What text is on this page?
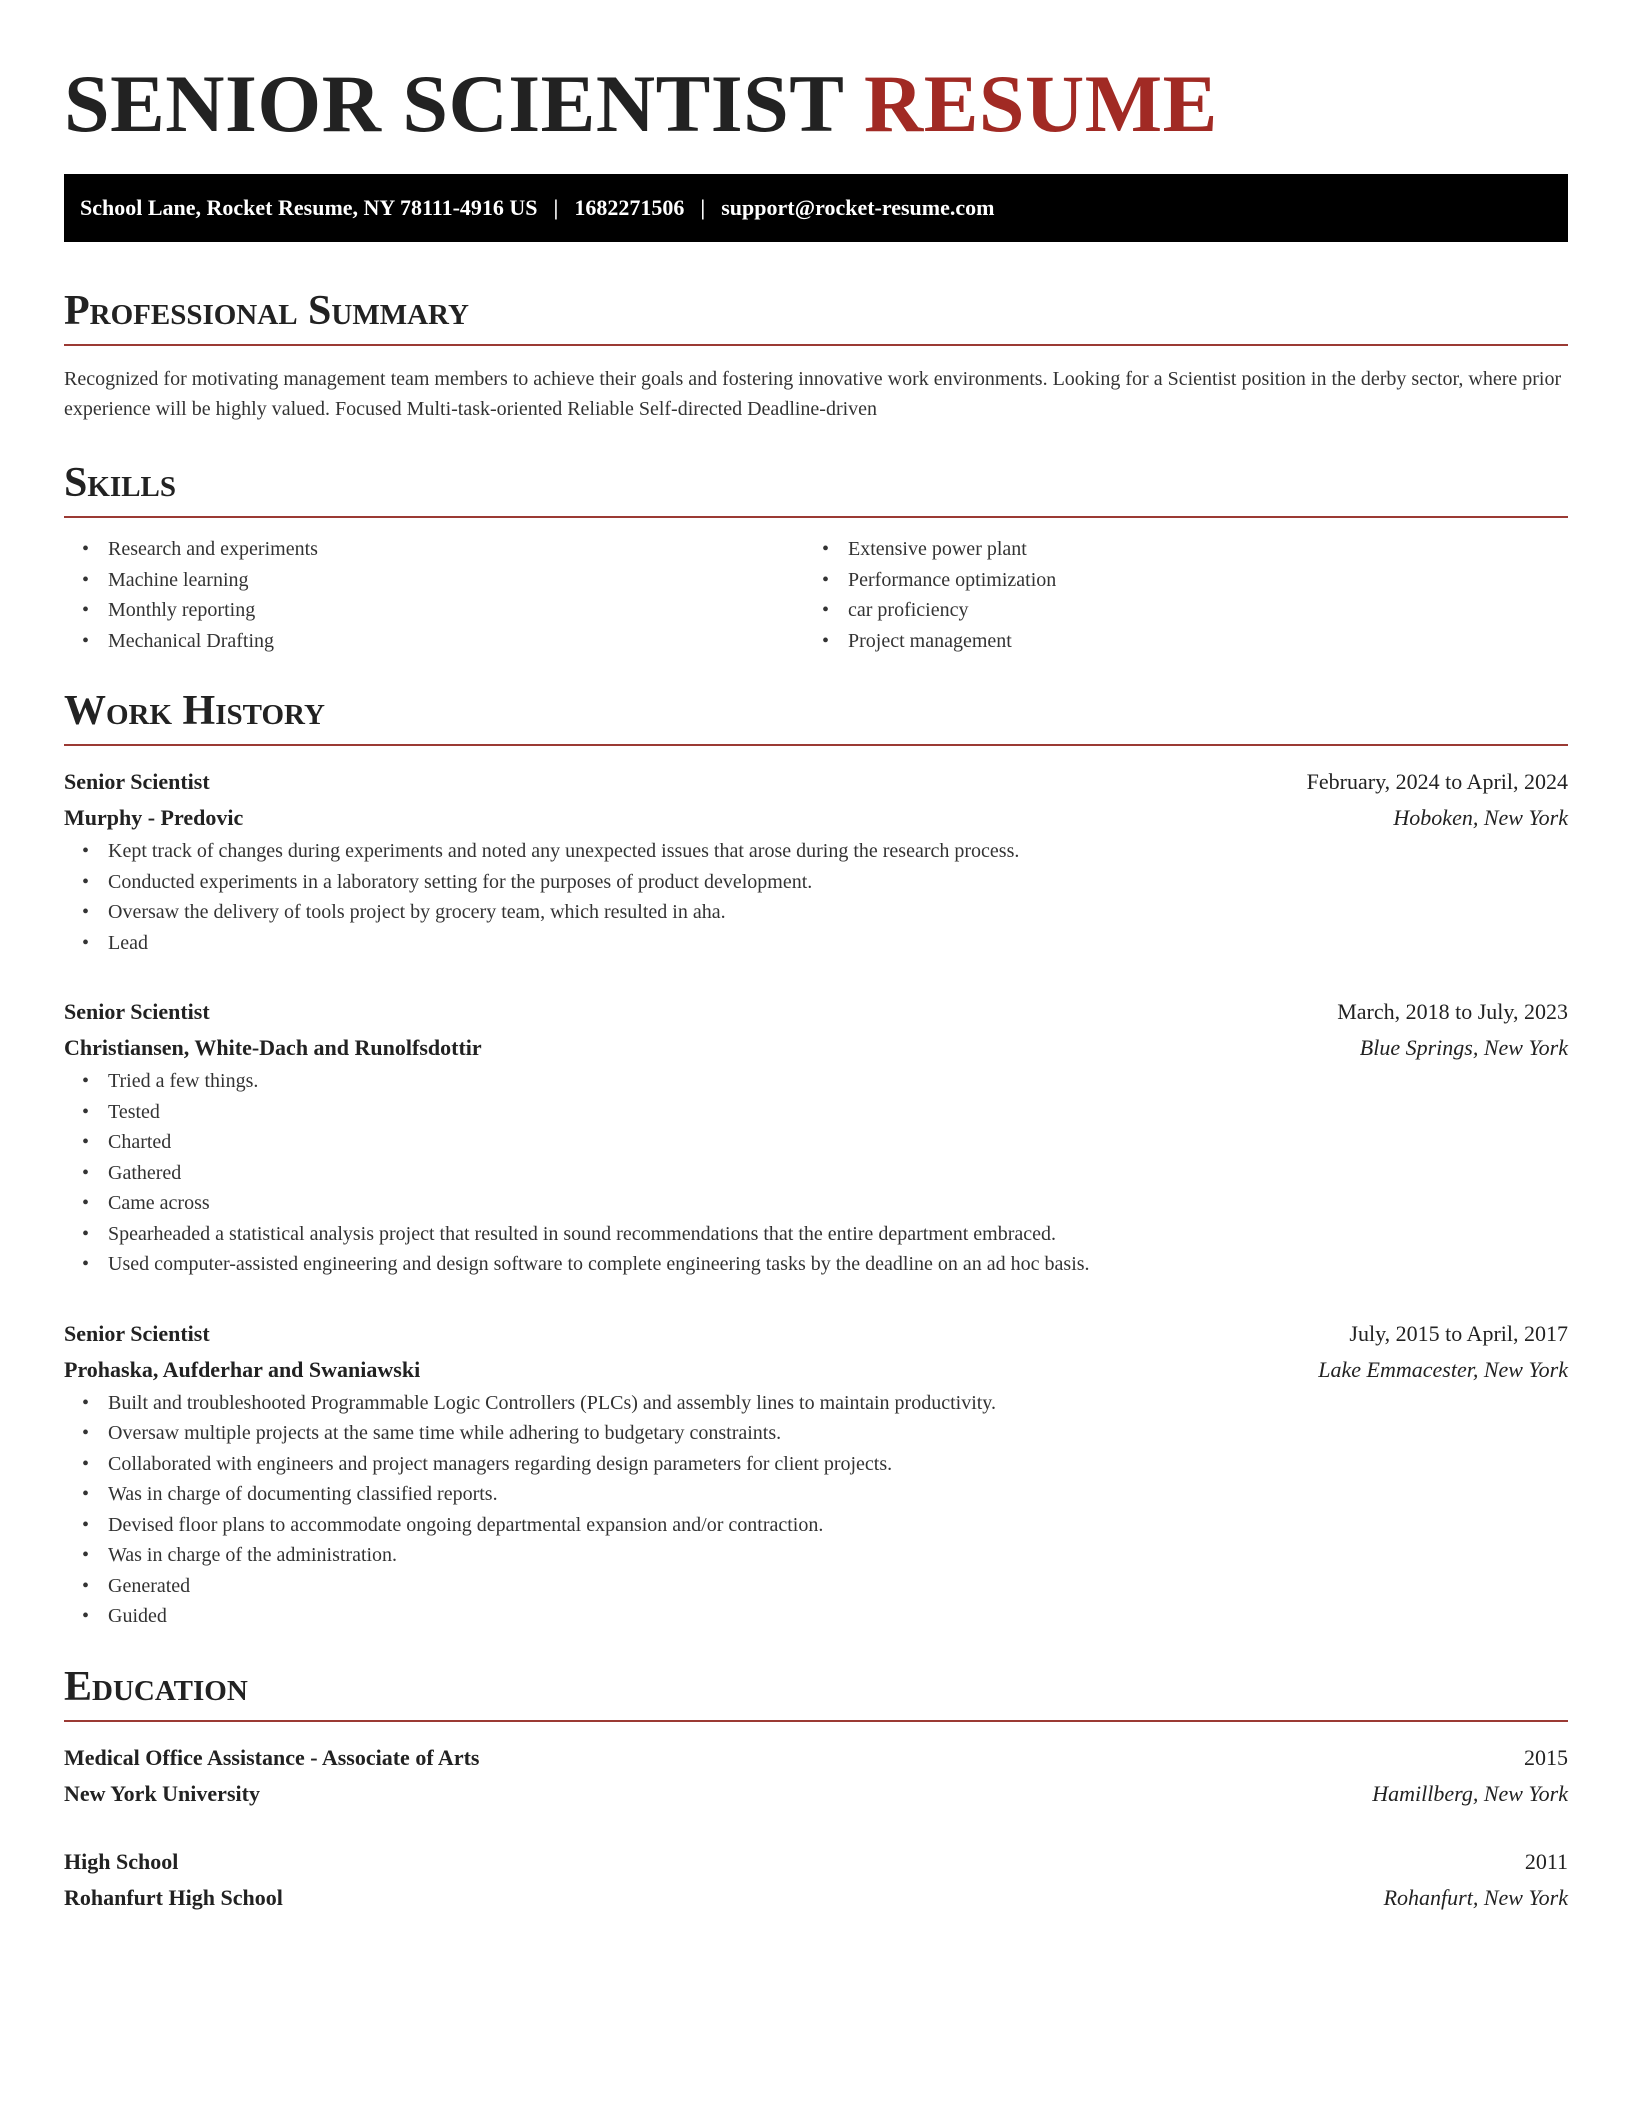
SENIOR SCIENTIST RESUME
School Lane, Rocket Resume, NY 78111-4916 US | 1682271506 | support@rocket-resume.com
Professional Summary

Recognized for motivating management team members to achieve their goals and fostering innovative work environments. Looking for a Scientist position in the derby sector, where prior experience will be highly valued. Focused Multi-task-oriented Reliable Self-directed Deadline-driven

Skills
• Research and experiments
• Machine learning
• Monthly reporting
• Mechanical Drafting
• Extensive power plant
• Performance optimization
• car proficiency
• Project management
Work History
Senior Scientist	February, 2024 to April, 2024
Murphy - Predovic	Hoboken, New York
• Kept track of changes during experiments and noted any unexpected issues that arose during the research process.
• Conducted experiments in a laboratory setting for the purposes of product development.
• Oversaw the delivery of tools project by grocery team, which resulted in aha.
• Lead
Senior Scientist	March, 2018 to July, 2023
Christiansen, White-Dach and Runolfsdottir	Blue Springs, New York
• Tried a few things.
• Tested
• Charted
• Gathered
• Came across
• Spearheaded a statistical analysis project that resulted in sound recommendations that the entire department embraced.
• Used computer-assisted engineering and design software to complete engineering tasks by the deadline on an ad hoc basis.
Senior Scientist	July, 2015 to April, 2017
Prohaska, Aufderhar and Swaniawski	Lake Emmacester, New York
• Built and troubleshooted Programmable Logic Controllers (PLCs) and assembly lines to maintain productivity.
• Oversaw multiple projects at the same time while adhering to budgetary constraints.
• Collaborated with engineers and project managers regarding design parameters for client projects.
• Was in charge of documenting classified reports.
• Devised floor plans to accommodate ongoing departmental expansion and/or contraction.
• Was in charge of the administration.
• Generated
• Guided
Education
Medical Office Assistance - Associate of Arts	2015
New York University	Hamillberg, New York
High School	2011
Rohanfurt High School	Rohanfurt, New York
